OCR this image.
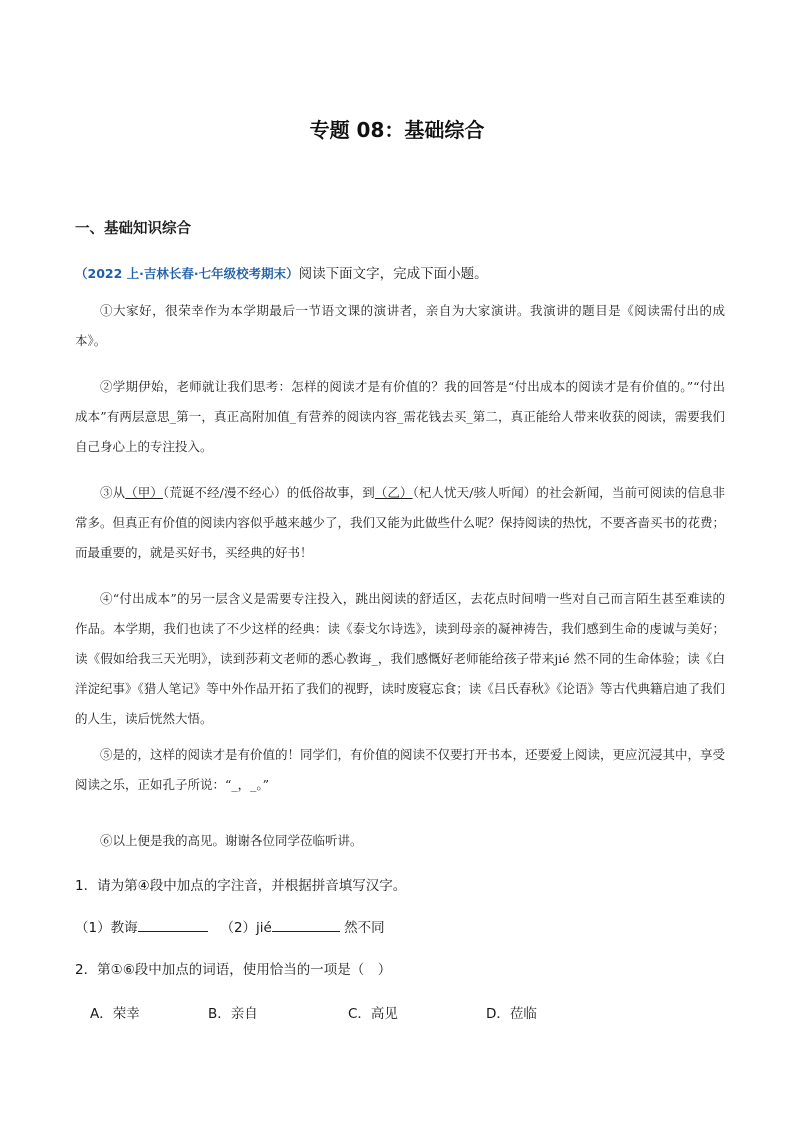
专题 08：基础综合
一、基础知识综合
（2022 上·吉林长春·七年级校考期末）阅读下面文字，完成下面小题。
①大家好，很荣幸作为本学期最后一节语文课的演讲者，亲自为大家演讲。我演讲的题目是《阅读需付出的成本》。
②学期伊始，老师就让我们思考：怎样的阅读才是有价值的？我的回答是“付出成本的阅读才是有价值的。”“付出成本”有两层意思_第一，真正高附加值_有营养的阅读内容_需花钱去买_第二，真正能给人带来收获的阅读，需要我们自己身心上的专注投入。
③从（甲）（荒诞不经/漫不经心）的低俗故事，到（乙）（杞人忧天/骇人听闻）的社会新闻，当前可阅读的信息非常多。但真正有价值的阅读内容似乎越来越少了，我们又能为此做些什么呢？保持阅读的热忱，不要吝啬买书的花费；而最重要的，就是买好书，买经典的好书！
④“付出成本”的另一层含义是需要专注投入，跳出阅读的舒适区，去花点时间啃一些对自己而言陌生甚至难读的作品。本学期，我们也读了不少这样的经典：读《泰戈尔诗选》，读到母亲的凝神祷告，我们感到生命的虔诚与美好；读《假如给我三天光明》，读到莎莉文老师的悉心教诲_，我们感慨好老师能给孩子带来jié 然不同的生命体验；读《白洋淀纪事》《猎人笔记》等中外作品开拓了我们的视野，读时废寝忘食；读《吕氏春秋》《论语》等古代典籍启迪了我们的人生，读后恍然大悟。
⑤是的，这样的阅读才是有价值的！同学们，有价值的阅读不仅要打开书本，还要爱上阅读，更应沉浸其中，享受阅读之乐，正如孔子所说：“_，_。”
⑥以上便是我的高见。谢谢各位同学莅临听讲。
1．请为第④段中加点的字注音，并根据拼音填写汉字。
（1）教诲	（2）jié	然不同
2．第①⑥段中加点的词语，使用恰当的一项是（　）
A．荣幸	B．亲自	C．高见	D．莅临
